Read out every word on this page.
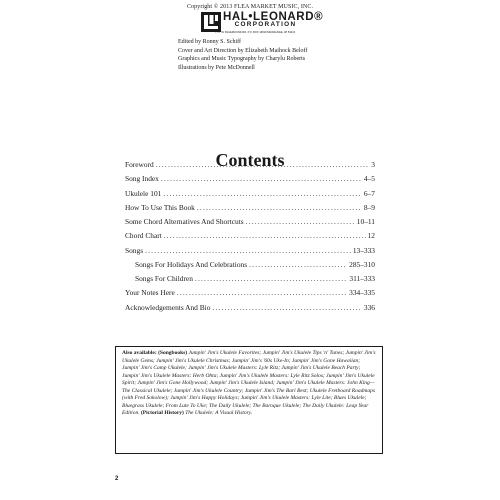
Copyright © 2013 FLEA MARKET MUSIC, INC.
HAL•LEONARD®
CORPORATION
7777 W. BLUEMOUND RD. P.O. BOX 13819 MILWAUKEE, WI 53213
Edited by Ronny S. Schiff
Cover and Art Direction by Elizabeth Maihock Beloff
Graphics and Music Typography by Charylu Roberts
Illustrations by Pete McDonnell
Contents
Foreword .....	3
Song Index .....	4–5
Ukulele 101 .....	6–7
How To Use This Book .....	8–9
Some Chord Alternatives And Shortcuts .....	10–11
Chord Chart .....	12
Songs .....	13–333
Songs For Holidays And Celebrations .....	285–310
Songs For Children .....	311–333
Your Notes Here .....	334–335
Acknowledgements And Bio .....	336
Also available: (Songbooks) Jumpin' Jim's Ukulele Favorites; Jumpin' Jim's Ukulele Tips 'n' Tunes; Jumpin' Jim's Ukulele Gems; Jumpin' Jim's Ukulele Christmas; Jumpin' Jim's '60s Uke-In; Jumpin' Jim's Gone Hawaiian; Jumpin' Jim's Camp Ukulele; Jumpin' Jim's Ukulele Masters: Lyle Ritz; Jumpin' Jim's Ukulele Beach Party; Jumpin' Jim's Ukulele Masters: Herb Ohta; Jumpin' Jim's Ukulele Masters: Lyle Ritz Solos; Jumpin' Jim's Ukulele Spirit; Jumpin' Jim's Gone Hollywood; Jumpin' Jim's Ukulele Island; Jumpin' Jim's Ukulele Masters: John King—The Classical Ukulele; Jumpin' Jim's Ukulele Country; Jumpin' Jim's The Bari Best; Ukulele Fretboard Roadmaps (with Fred Sokolow); Jumpin' Jim's Happy Holidays; Jumpin' Jim's Ukulele Masters: Lyle Lite; Blues Ukulele; Bluegrass Ukulele; From Lute To Uke; The Daily Ukulele; The Baroque Ukulele; The Daily Ukulele: Leap Year Edition. (Pictorial History) The Ukulele: A Visual History.
2
